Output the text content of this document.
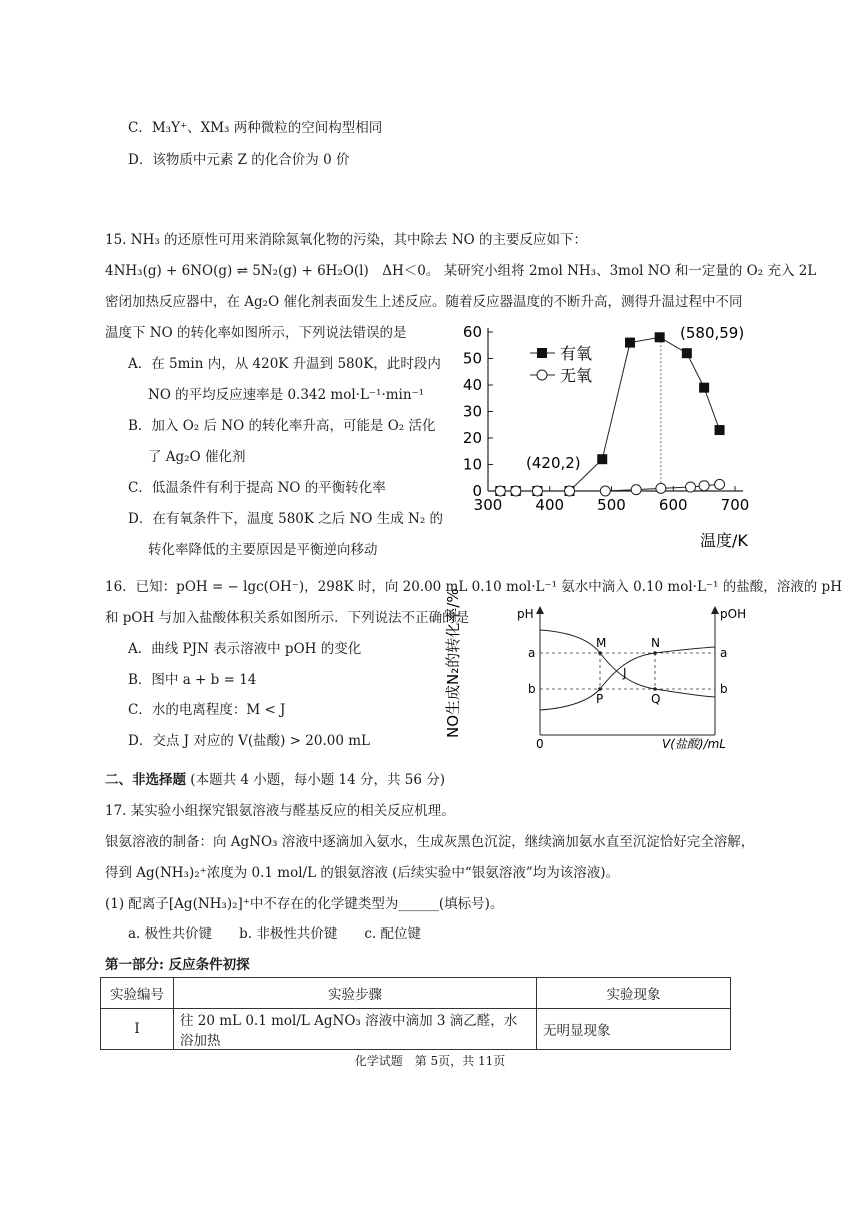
C．M₃Y⁺、XM₃ 两种微粒的空间构型相同
D．该物质中元素 Z 的化合价为 0 价
15. NH₃ 的还原性可用来消除氮氧化物的污染，其中除去 NO 的主要反应如下：
4NH₃(g) + 6NO(g) ⇌ 5N₂(g) + 6H₂O(l)　ΔH＜0。 某研究小组将 2mol NH₃、3mol NO 和一定量的 O₂ 充入 2L
密闭加热反应器中，在 Ag₂O 催化剂表面发生上述反应。随着反应器温度的不断升高，测得升温过程中不同
温度下 NO 的转化率如图所示，下列说法错误的是
A．在 5min 内，从 420K 升温到 580K，此时段内
NO 的平均反应速率是 0.342 mol·L⁻¹·min⁻¹
B．加入 O₂ 后 NO 的转化率升高，可能是 O₂ 活化
了 Ag₂O 催化剂
C．低温条件有利于提高 NO 的平衡转化率
D．在有氧条件下，温度 580K 之后 NO 生成 N₂ 的
转化率降低的主要原因是平衡逆向移动
0
10
20
30
40
50
60
300 400 500 600 700
NO生成N₂的转化率/%
温度/K
(580,59)
(420,2)
有氧
无氧
16．已知：pOH = − lgc(OH⁻)，298K 时，向 20.00 mL 0.10 mol·L⁻¹ 氨水中滴入 0.10 mol·L⁻¹ 的盐酸，溶液的 pH
和 pOH 与加入盐酸体积关系如图所示．下列说法不正确的是
A．曲线 PJN 表示溶液中 pOH 的变化
B．图中 a + b = 14
C．水的电离程度：M < J
D．交点 J 对应的 V(盐酸) > 20.00 mL
pH	pOH
0	V(盐酸)/mL
a
b
a
b
M	N
J
P	Q
二、非选择题 (本题共 4 小题，每小题 14 分，共 56 分)
17. 某实验小组探究银氨溶液与醛基反应的相关反应机理。
银氨溶液的制备：向 AgNO₃ 溶液中逐滴加入氨水，生成灰黑色沉淀，继续滴加氨水直至沉淀恰好完全溶解，
得到 Ag(NH₃)₂⁺浓度为 0.1 mol/L 的银氨溶液 (后续实验中“银氨溶液”均为该溶液)。
(1) 配离子[Ag(NH₃)₂]⁺中不存在的化学键类型为______(填标号)。
a. 极性共价键　　b. 非极性共价键　　c. 配位键
第一部分: 反应条件初探
实验编号	实验步骤	实验现象
I	往 20 mL 0.1 mol/L AgNO₃ 溶液中滴加 3 滴乙醛，水浴加热	无明显现象
化学试题　第 5页，共 11页
